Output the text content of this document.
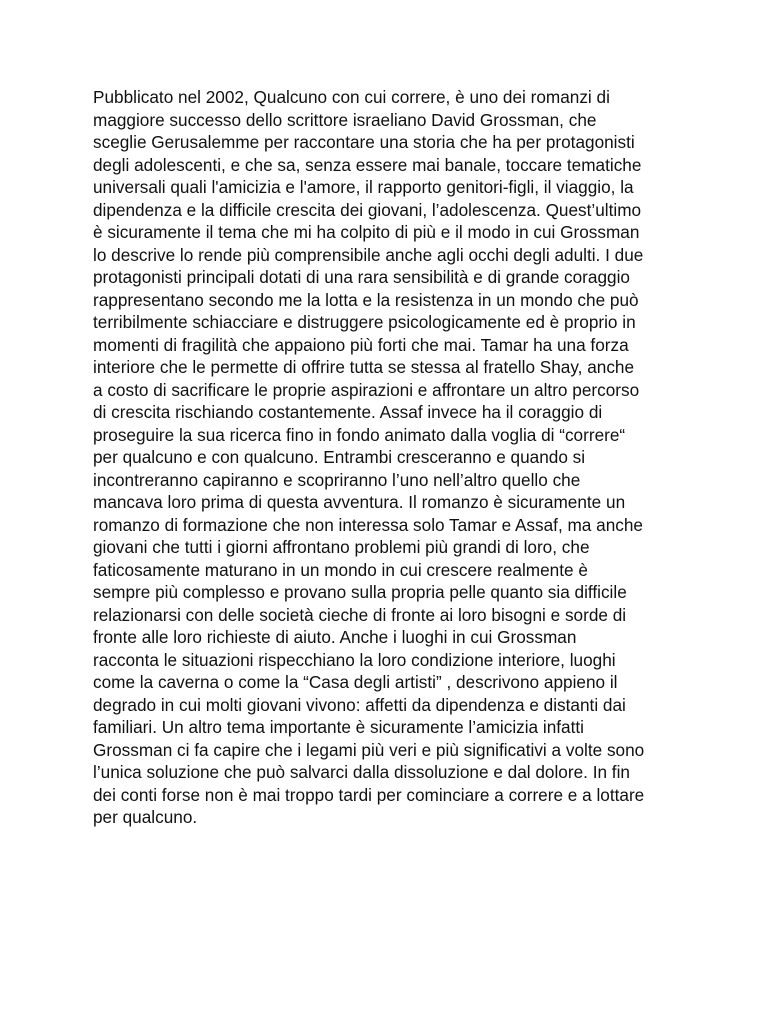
Pubblicato nel 2002, Qualcuno con cui correre, è uno dei romanzi di
maggiore successo dello scrittore israeliano David Grossman, che
sceglie Gerusalemme per raccontare una storia che ha per protagonisti
degli adolescenti, e che sa, senza essere mai banale, toccare tematiche
universali quali l'amicizia e l'amore, il rapporto genitori-figli, il viaggio, la
dipendenza e la difficile crescita dei giovani, l’adolescenza. Quest’ultimo
è sicuramente il tema che mi ha colpito di più e il modo in cui Grossman
lo descrive lo rende più comprensibile anche agli occhi degli adulti. I due
protagonisti principali dotati di una rara sensibilità e di grande coraggio
rappresentano secondo me la lotta e la resistenza in un mondo che può
terribilmente schiacciare e distruggere psicologicamente ed è proprio in
momenti di fragilità che appaiono più forti che mai. Tamar ha una forza
interiore che le permette di offrire tutta se stessa al fratello Shay, anche
a costo di sacrificare le proprie aspirazioni e affrontare un altro percorso
di crescita rischiando costantemente. Assaf invece ha il coraggio di
proseguire la sua ricerca fino in fondo animato dalla voglia di “correre“
per qualcuno e con qualcuno. Entrambi cresceranno e quando si
incontreranno capiranno e scopriranno l’uno nell’altro quello che
mancava loro prima di questa avventura. Il romanzo è sicuramente un
romanzo di formazione che non interessa solo Tamar e Assaf, ma anche
giovani che tutti i giorni affrontano problemi più grandi di loro, che
faticosamente maturano in un mondo in cui crescere realmente è
sempre più complesso e provano sulla propria pelle quanto sia difficile
relazionarsi con delle società cieche di fronte ai loro bisogni e sorde di
fronte alle loro richieste di aiuto. Anche i luoghi in cui Grossman
racconta le situazioni rispecchiano la loro condizione interiore, luoghi
come la caverna o come la “Casa degli artisti” , descrivono appieno il
degrado in cui molti giovani vivono: affetti da dipendenza e distanti dai
familiari. Un altro tema importante è sicuramente l’amicizia infatti
Grossman ci fa capire che i legami più veri e più significativi a volte sono
l’unica soluzione che può salvarci dalla dissoluzione e dal dolore. In fin
dei conti forse non è mai troppo tardi per cominciare a correre e a lottare
per qualcuno.
